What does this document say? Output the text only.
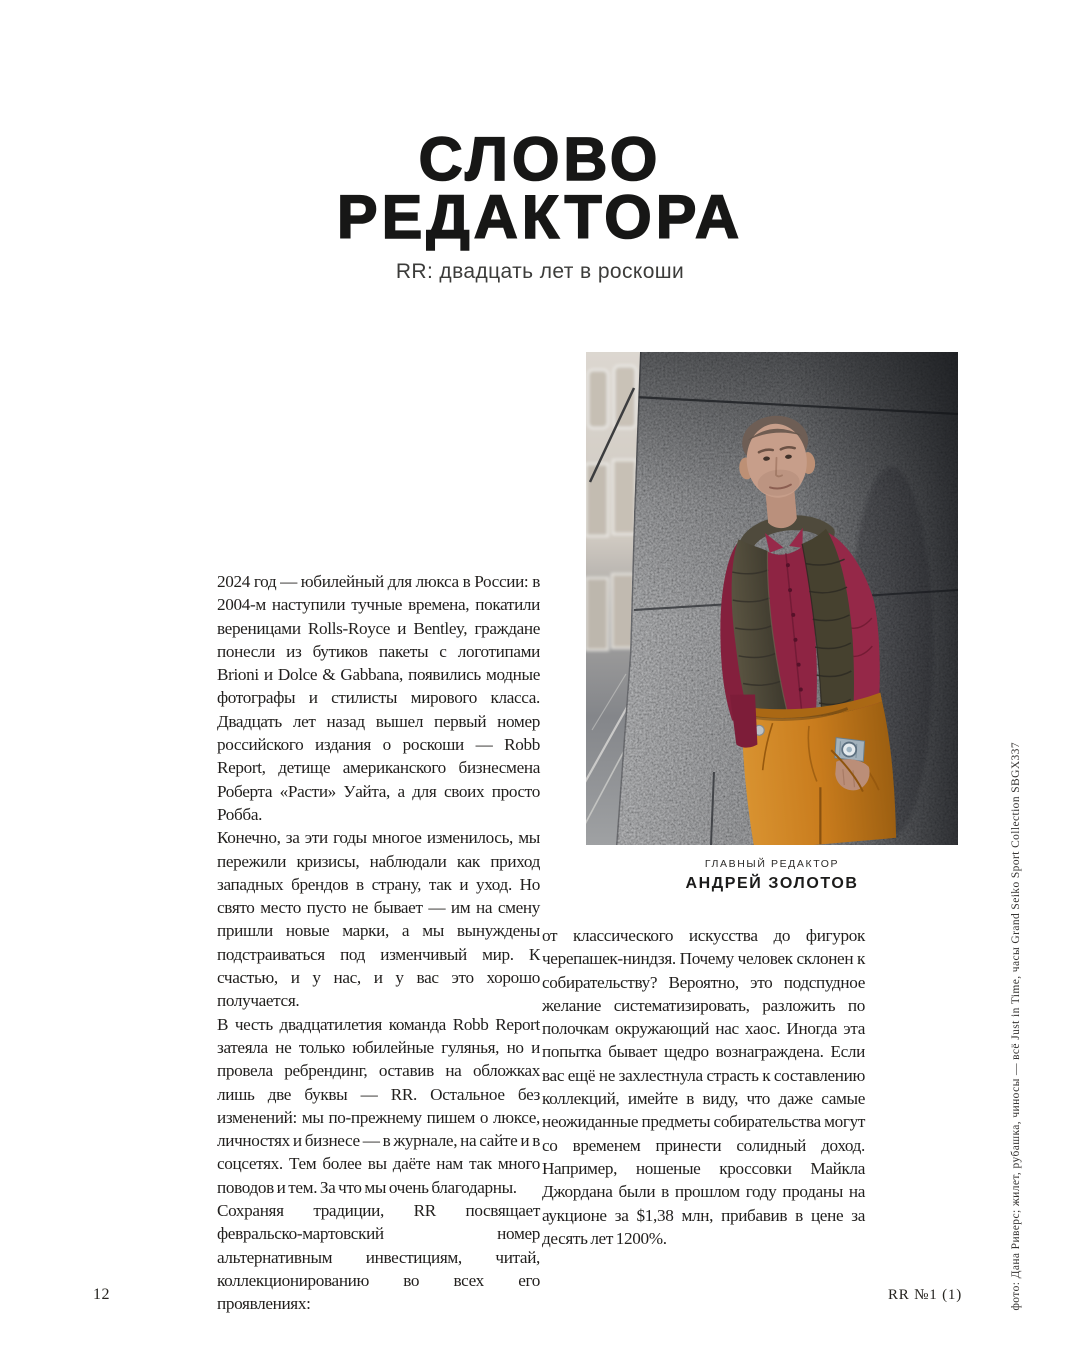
СЛОВО
РЕДАКТОРА
RR: двадцать лет в роскоши
ГЛАВНЫЙ РЕДАКТОР
АНДРЕЙ ЗОЛОТОВ

2024 год — юбилейный для люкса в России: в 2004-м наступили тучные времена, покатили вереницами Rolls-Royce и Bentley, граждане понесли из бутиков пакеты с логотипами Brioni и Dolce & Gabbana, появились модные фотографы и стилисты мирового класса. Двадцать лет назад вышел первый номер российского издания о роскоши — Robb Report, детище американского бизнесмена Роберта «Расти» Уайта, а для своих просто Робба.

Конечно, за эти годы многое изменилось, мы пережили кризисы, наблюдали как приход западных брендов в страну, так и уход. Но свято место пусто не бывает — им на смену пришли новые марки, а мы вынуждены подстраиваться под изменчивый мир. К счастью, и у нас, и у вас это хорошо получается.

В честь двадцатилетия команда Robb Report затеяла не только юбилейные гулянья, но и провела ребрендинг, оставив на обложках лишь две буквы — RR. Остальное без изменений: мы по-прежнему пишем о люксе, личностях и бизнесе — в журнале, на сайте и в соцсетях. Тем более вы даёте нам так много поводов и тем. За что мы очень благодарны.

Сохраняя традиции, RR посвящает февральско-мартовский номер альтернативным инвестициям, читай, коллекционированию во всех его проявлениях:

от классического искусства до фигурок черепашек-ниндзя. Почему человек склонен к собирательству? Вероятно, это подспудное желание систематизировать, разложить по полочкам окружающий нас хаос. Иногда эта попытка бывает щедро вознаграждена. Если вас ещё не захлестнула страсть к составлению коллекций, имейте в виду, что даже самые неожиданные предметы собирательства могут со временем принести солидный доход. Например, ношеные кроссовки Майкла Джордана были в прошлом году проданы на аукционе за $1,38 млн, прибавив в цене за десять лет 1200%.	фото: Дана Риверс; жилет, рубашка, чиносы — всё Just in Time, часы Grand Seiko Sport Collection SBGX337
12	RR №1 (1)
